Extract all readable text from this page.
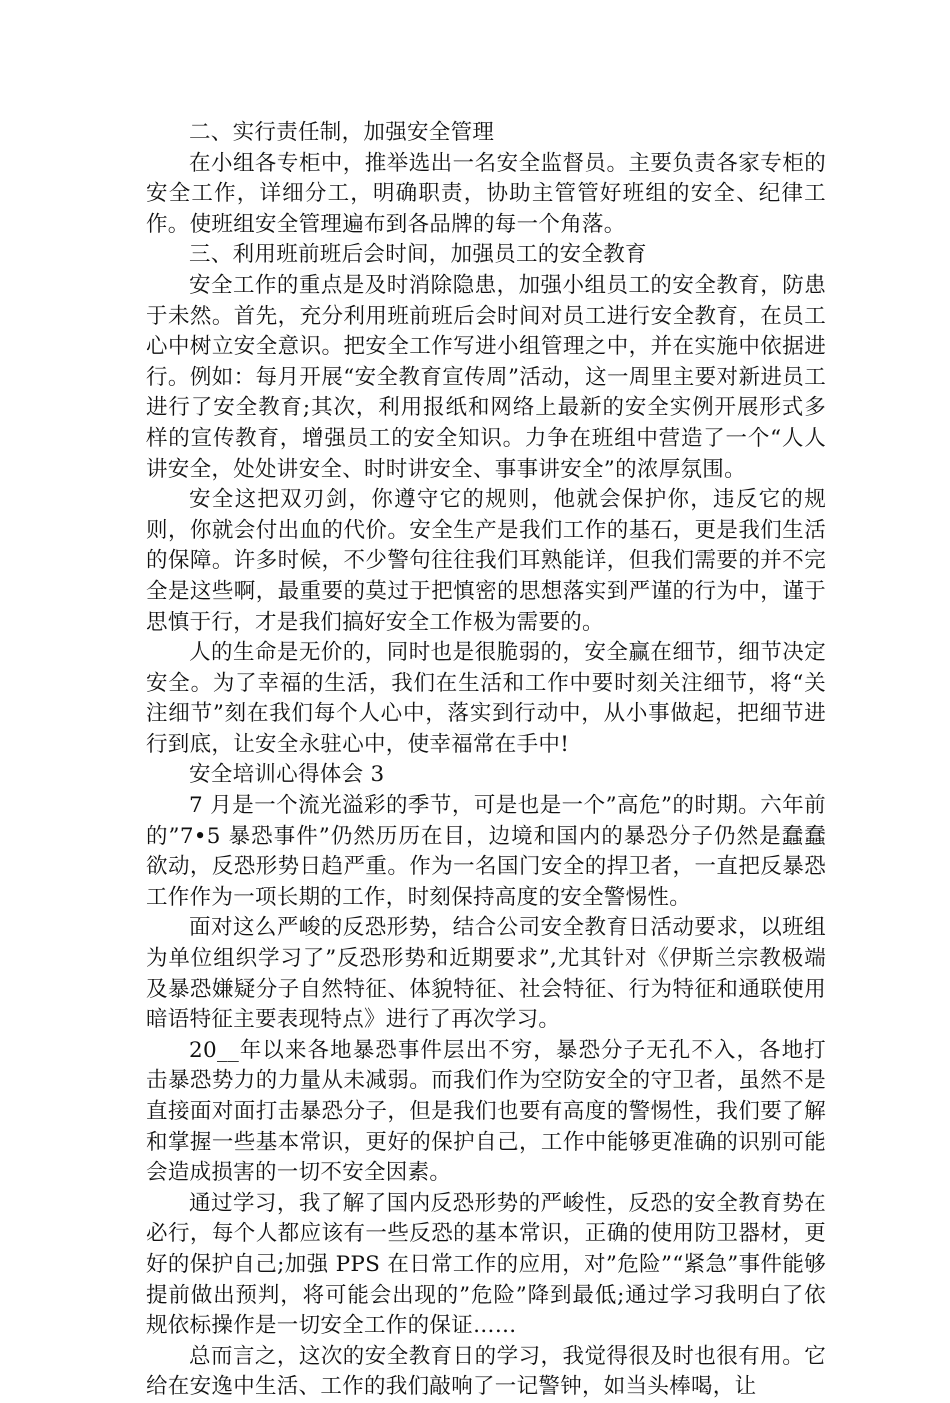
二、实行责任制，加强安全管理

在小组各专柜中，推举选出一名安全监督员。主要负责各家专柜的安全工作，详细分工，明确职责，协助主管管好班组的安全、纪律工作。使班组安全管理遍布到各品牌的每一个角落。

三、利用班前班后会时间，加强员工的安全教育

安全工作的重点是及时消除隐患，加强小组员工的安全教育，防患于未然。首先，充分利用班前班后会时间对员工进行安全教育，在员工心中树立安全意识。把安全工作写进小组管理之中，并在实施中依据进行。例如：每月开展“安全教育宣传周”活动，这一周里主要对新进员工进行了安全教育;其次，利用报纸和网络上最新的安全实例开展形式多样的宣传教育，增强员工的安全知识。力争在班组中营造了一个“人人讲安全，处处讲安全、时时讲安全、事事讲安全”的浓厚氛围。

安全这把双刃剑，你遵守它的规则，他就会保护你，违反它的规则，你就会付出血的代价。安全生产是我们工作的基石，更是我们生活的保障。许多时候，不少警句往往我们耳熟能详，但我们需要的并不完全是这些啊，最重要的莫过于把慎密的思想落实到严谨的行为中，谨于思慎于行，才是我们搞好安全工作极为需要的。

人的生命是无价的，同时也是很脆弱的，安全赢在细节，细节决定安全。为了幸福的生活，我们在生活和工作中要时刻关注细节，将“关注细节”刻在我们每个人心中，落实到行动中，从小事做起，把细节进行到底，让安全永驻心中，使幸福常在手中!

安全培训心得体会 3

7 月是一个流光溢彩的季节，可是也是一个”高危”的时期。六年前的”7•5 暴恐事件”仍然历历在目，边境和国内的暴恐分子仍然是蠢蠢欲动，反恐形势日趋严重。作为一名国门安全的捍卫者，一直把反暴恐工作作为一项长期的工作，时刻保持高度的安全警惕性。

面对这么严峻的反恐形势，结合公司安全教育日活动要求，以班组为单位组织学习了”反恐形势和近期要求”,尤其针对《伊斯兰宗教极端及暴恐嫌疑分子自然特征、体貌特征、社会特征、行为特征和通联使用暗语特征主要表现特点》进行了再次学习。

20__年以来各地暴恐事件层出不穷，暴恐分子无孔不入，各地打击暴恐势力的力量从未减弱。而我们作为空防安全的守卫者，虽然不是直接面对面打击暴恐分子，但是我们也要有高度的警惕性，我们要了解和掌握一些基本常识，更好的保护自己，工作中能够更准确的识别可能会造成损害的一切不安全因素。

通过学习，我了解了国内反恐形势的严峻性，反恐的安全教育势在必行，每个人都应该有一些反恐的基本常识，正确的使用防卫器材，更好的保护自己;加强 PPS 在日常工作的应用，对”危险”“紧急”事件能够提前做出预判，将可能会出现的”危险”降到最低;通过学习我明白了依规依标操作是一切安全工作的保证……

总而言之，这次的安全教育日的学习，我觉得很及时也很有用。它给在安逸中生活、工作的我们敲响了一记警钟，如当头棒喝，让
